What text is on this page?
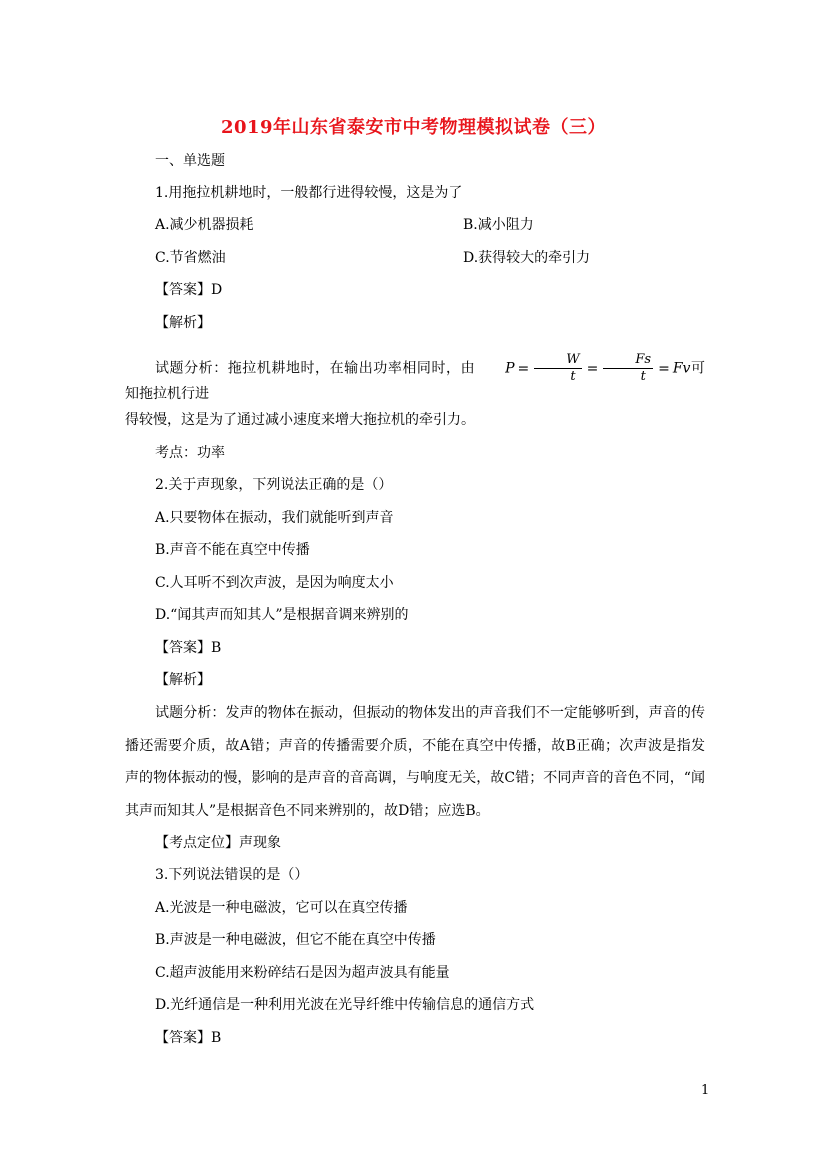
2019年山东省泰安市中考物理模拟试卷（三）
一、单选题
1.用拖拉机耕地时，一般都行进得较慢，这是为了
A.减少机器损耗	B.减小阻力
C.节省燃油	D.获得较大的牵引力
【答案】D
【解析】
试题分析：拖拉机耕地时，在输出功率相同时，由 $P = \frac{W}{t} = \frac{Fs}{t} = Fv$可知拖拉机行进
得较慢，这是为了通过减小速度来增大拖拉机的牵引力。
考点：功率
2.关于声现象，下列说法正确的是（）
A.只要物体在振动，我们就能听到声音
B.声音不能在真空中传播
C.人耳听不到次声波，是因为响度太小
D.“闻其声而知其人”是根据音调来辨别的
【答案】B
【解析】
试题分析：发声的物体在振动，但振动的物体发出的声音我们不一定能够听到，声音的传播还需要介质，故A错；声音的传播需要介质，不能在真空中传播，故B正确；次声波是指发声的物体振动的慢，影响的是声音的音高调，与响度无关，故C错；不同声音的音色不同，“闻其声而知其人”是根据音色不同来辨别的，故D错；应选B。
【考点定位】声现象
3.下列说法错误的是（）
A.光波是一种电磁波，它可以在真空传播
B.声波是一种电磁波，但它不能在真空中传播
C.超声波能用来粉碎结石是因为超声波具有能量
D.光纤通信是一种利用光波在光导纤维中传输信息的通信方式
【答案】B
1
